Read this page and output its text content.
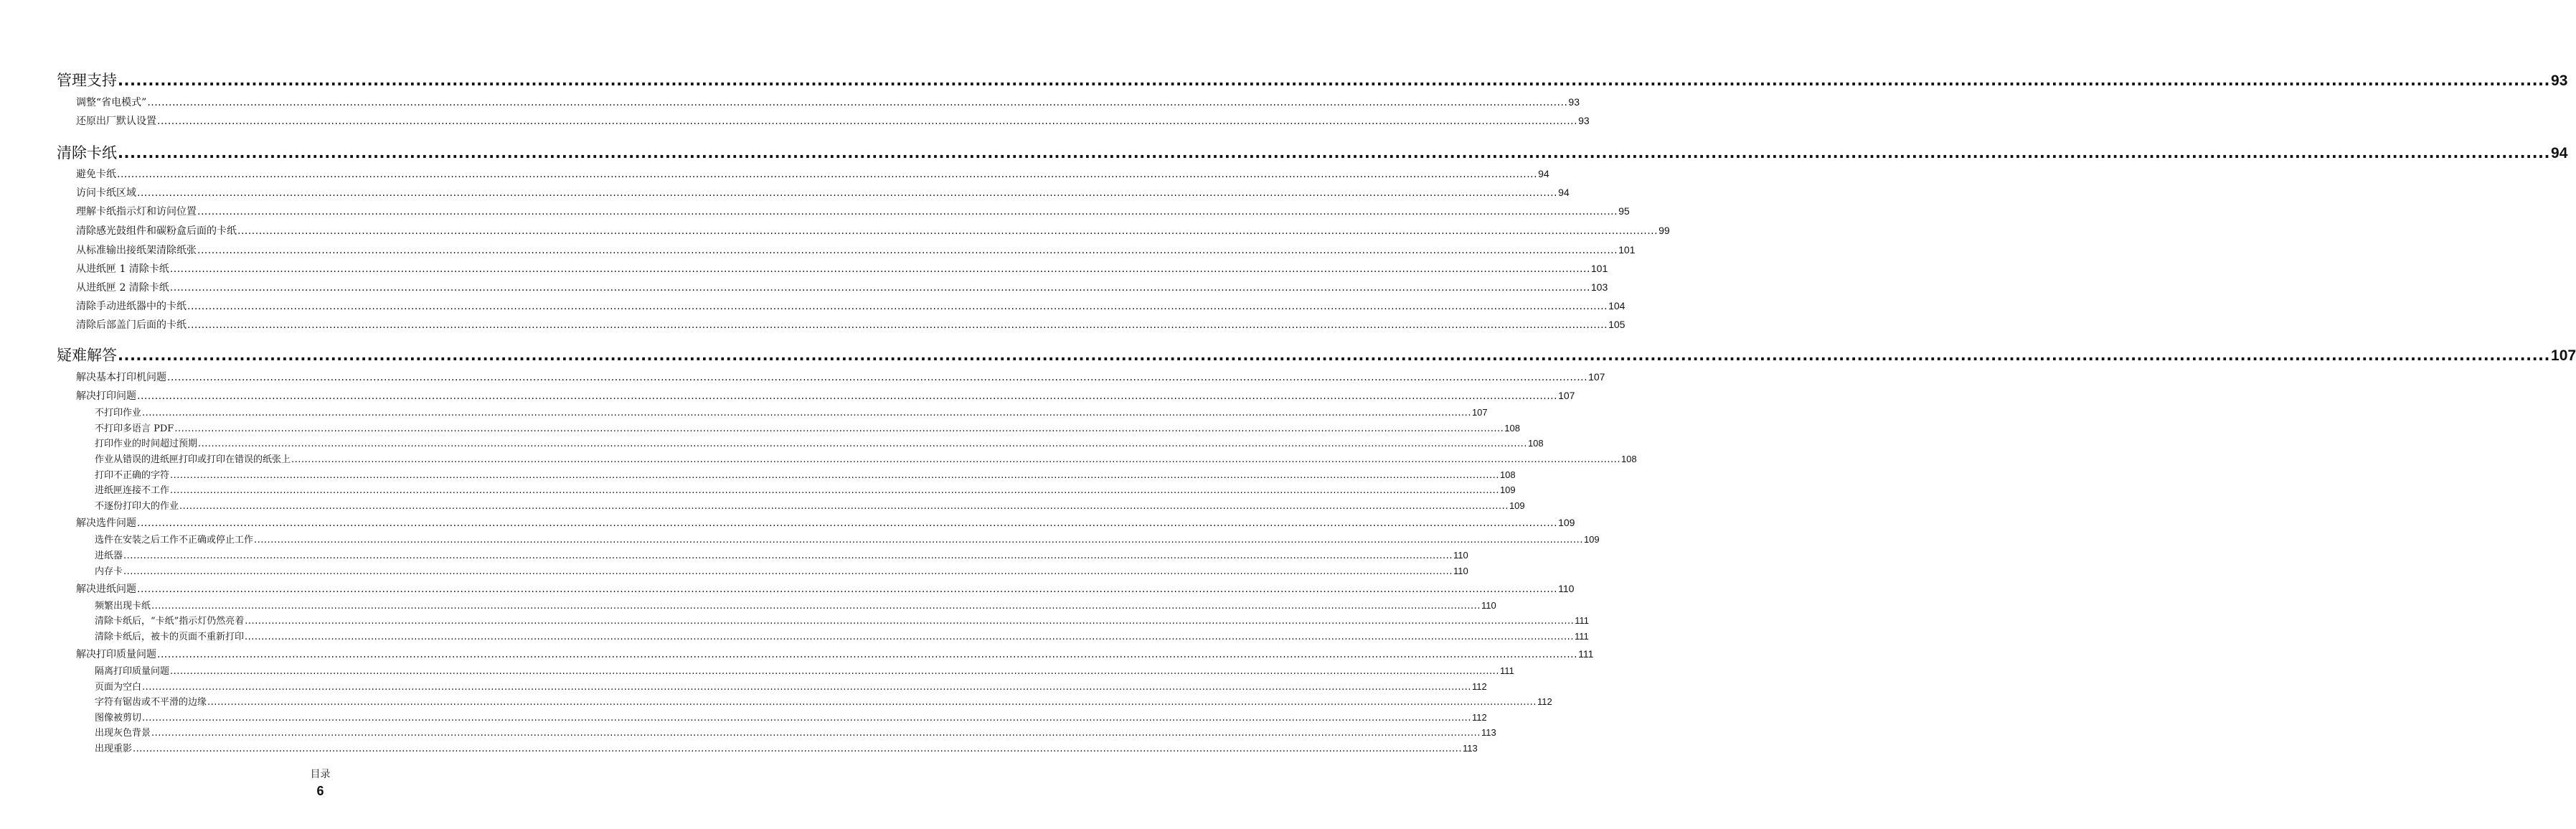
管理支持 ................................................................................................................................................................................................................................................................................................................................................................................................................ 93
调整“省电模式” ................................................................................................................................................................................................................................................................................................................................................................................................................ 93
还原出厂默认设置 ................................................................................................................................................................................................................................................................................................................................................................................................................ 93
清除卡纸 ................................................................................................................................................................................................................................................................................................................................................................................................................ 94
避免卡纸 ................................................................................................................................................................................................................................................................................................................................................................................................................ 94
访问卡纸区域 ................................................................................................................................................................................................................................................................................................................................................................................................................ 94
理解卡纸指示灯和访问位置 ................................................................................................................................................................................................................................................................................................................................................................................................................ 95
清除感光鼓组件和碳粉盒后面的卡纸 ................................................................................................................................................................................................................................................................................................................................................................................................................ 99
从标准输出接纸架清除纸张 ................................................................................................................................................................................................................................................................................................................................................................................................................ 101
从进纸匣 1 清除卡纸 ................................................................................................................................................................................................................................................................................................................................................................................................................ 101
从进纸匣 2 清除卡纸 ................................................................................................................................................................................................................................................................................................................................................................................................................ 103
清除手动进纸器中的卡纸 ................................................................................................................................................................................................................................................................................................................................................................................................................ 104
清除后部盖门后面的卡纸 ................................................................................................................................................................................................................................................................................................................................................................................................................ 105
疑难解答 ................................................................................................................................................................................................................................................................................................................................................................................................................ 107
解决基本打印机问题 ................................................................................................................................................................................................................................................................................................................................................................................................................ 107
解决打印问题 ................................................................................................................................................................................................................................................................................................................................................................................................................ 107
不打印作业 ................................................................................................................................................................................................................................................................................................................................................................................................................ 107
不打印多语言 PDF ................................................................................................................................................................................................................................................................................................................................................................................................................ 108
打印作业的时间超过预期 ................................................................................................................................................................................................................................................................................................................................................................................................................ 108
作业从错误的进纸匣打印或打印在错误的纸张上 ................................................................................................................................................................................................................................................................................................................................................................................................................ 108
打印不正确的字符 ................................................................................................................................................................................................................................................................................................................................................................................................................ 108
进纸匣连接不工作 ................................................................................................................................................................................................................................................................................................................................................................................................................ 109
不逐份打印大的作业 ................................................................................................................................................................................................................................................................................................................................................................................................................ 109
解决选件问题 ................................................................................................................................................................................................................................................................................................................................................................................................................ 109
选件在安装之后工作不正确或停止工作 ................................................................................................................................................................................................................................................................................................................................................................................................................ 109
进纸器 ................................................................................................................................................................................................................................................................................................................................................................................................................ 110
内存卡 ................................................................................................................................................................................................................................................................................................................................................................................................................ 110
解决进纸问题 ................................................................................................................................................................................................................................................................................................................................................................................................................ 110
频繁出现卡纸 ................................................................................................................................................................................................................................................................................................................................................................................................................ 110
清除卡纸后，“卡纸”指示灯仍然亮着 ................................................................................................................................................................................................................................................................................................................................................................................................................ 111
清除卡纸后，被卡的页面不重新打印 ................................................................................................................................................................................................................................................................................................................................................................................................................ 111
解决打印质量问题 ................................................................................................................................................................................................................................................................................................................................................................................................................ 111
隔离打印质量问题 ................................................................................................................................................................................................................................................................................................................................................................................................................ 111
页面为空白 ................................................................................................................................................................................................................................................................................................................................................................................................................ 112
字符有锯齿或不平滑的边缘 ................................................................................................................................................................................................................................................................................................................................................................................................................ 112
图像被剪切 ................................................................................................................................................................................................................................................................................................................................................................................................................ 112
出现灰色背景 ................................................................................................................................................................................................................................................................................................................................................................................................................ 113
出现重影 ................................................................................................................................................................................................................................................................................................................................................................................................................ 113
目录
6
